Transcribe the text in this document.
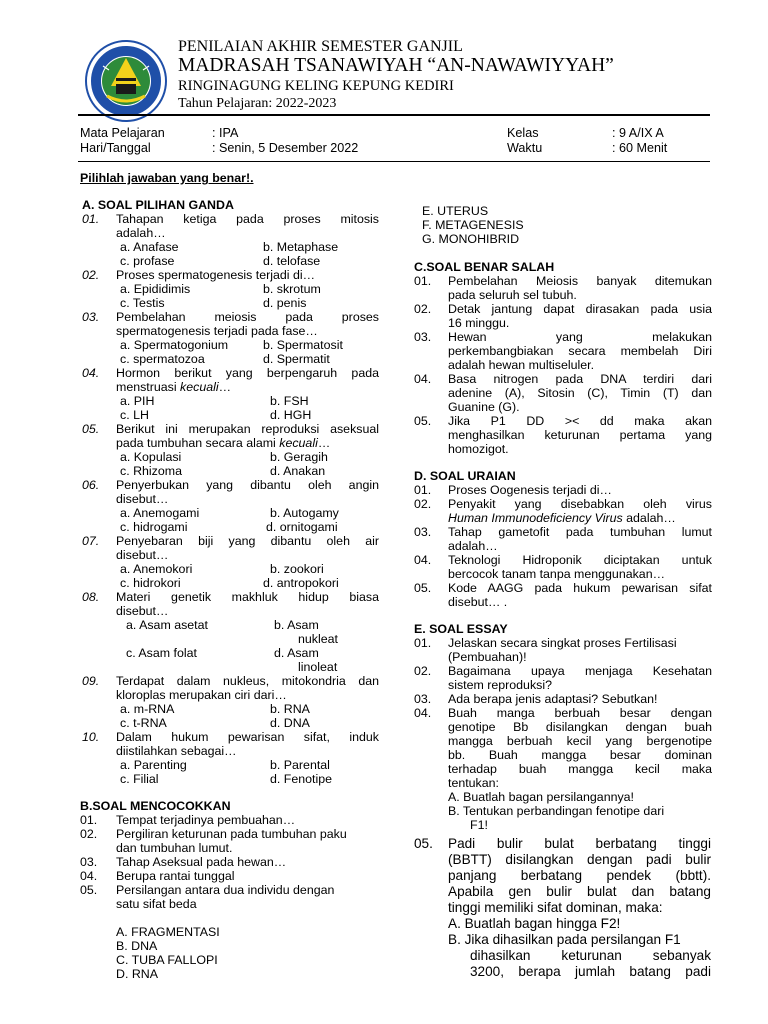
PENILAIAN AKHIR SEMESTER GANJIL
MADRASAH TSANAWIYAH “AN-NAWAWIYYAH”
RINGINAGUNG KELING KEPUNG KEDIRI
Tahun Pelajaran: 2022-2023
Mata Pelajaran	: IPA
Hari/Tanggal	: Senin, 5 Desember 2022
Kelas	: 9 A/IX A
Waktu	: 60 Menit
Pilihlah jawaban yang benar!.
A. SOAL PILIHAN GANDA
01. Tahapan ketiga pada proses mitosis
adalah…
a. Anafase	b. Metaphase
c. profase	d. telofase
02. Proses spermatogenesis terjadi di…
a. Epididimis	b. skrotum
c. Testis	d. penis
03. Pembelahan meiosis pada proses
spermatogenesis terjadi pada fase…
a. Spermatogonium	b. Spermatosit
c. spermatozoa	d. Spermatit
04. Hormon berikut yang berpengaruh pada
menstruasi kecuali…
a. PIH	b. FSH
c. LH	d. HGH
05. Berikut ini merupakan reproduksi aseksual
pada tumbuhan secara alami kecuali…
a. Kopulasi	b. Geragih
c. Rhizoma	d. Anakan
06. Penyerbukan yang dibantu oleh angin
disebut…
a. Anemogami	b. Autogamy
c. hidrogami	d. ornitogami
07. Penyebaran biji yang dibantu oleh air
disebut…
a. Anemokori	b. zookori
c. hidrokori	d. antropokori
08. Materi genetik makhluk hidup biasa
disebut…
a. Asam asetat	b. Asam
nukleat
c. Asam folat	d. Asam
linoleat
09. Terdapat dalam nukleus, mitokondria dan
kloroplas merupakan ciri dari…
a. m-RNA	b. RNA
c. t-RNA	d. DNA
10. Dalam hukum pewarisan sifat, induk
diistilahkan sebagai…
a. Parenting	b. Parental
c. Filial	d. Fenotipe
B.SOAL MENCOCOKKAN
01. Tempat terjadinya pembuahan…
02. Pergiliran keturunan pada tumbuhan paku
dan tumbuhan lumut.
03. Tahap Aseksual pada hewan…
04. Berupa rantai tunggal
05. Persilangan antara dua individu dengan
satu sifat beda
A. FRAGMENTASI
B. DNA
C. TUBA FALLOPI
D. RNA
E. UTERUS
F. METAGENESIS
G. MONOHIBRID
C.SOAL BENAR SALAH
01. Pembelahan Meiosis banyak ditemukan
pada seluruh sel tubuh.
02. Detak jantung dapat dirasakan pada usia
16 minggu.
03. Hewan yang melakukan
perkembangbiakan secara membelah Diri
adalah hewan multiseluler.
04. Basa nitrogen pada DNA terdiri dari
adenine (A), Sitosin (C), Timin (T) dan
Guanine (G).
05. Jika P1 DD >< dd maka akan
menghasilkan keturunan pertama yang
homozigot.
D. SOAL URAIAN
01. Proses Oogenesis terjadi di…
02. Penyakit yang disebabkan oleh virus
Human Immunodeficiency Virus adalah…
03. Tahap gametofit pada tumbuhan lumut
adalah…
04. Teknologi Hidroponik diciptakan untuk
bercocok tanam tanpa menggunakan…
05. Kode AAGG pada hukum pewarisan sifat
disebut… .
E. SOAL ESSAY
01. Jelaskan secara singkat proses Fertilisasi
(Pembuahan)!
02. Bagaimana upaya menjaga Kesehatan
sistem reproduksi?
03. Ada berapa jenis adaptasi? Sebutkan!
04. Buah manga berbuah besar dengan
genotipe Bb disilangkan dengan buah
mangga berbuah kecil yang bergenotipe
bb. Buah mangga besar dominan
terhadap buah mangga kecil maka
tentukan:
A. Buatlah bagan persilangannya!
B. Tentukan perbandingan fenotipe dari
F1!
05. Padi bulir bulat berbatang tinggi
(BBTT) disilangkan dengan padi bulir
panjang berbatang pendek (bbtt).
Apabila gen bulir bulat dan batang
tinggi memiliki sifat dominan, maka:
A. Buatlah bagan hingga F2!
B. Jika dihasilkan pada persilangan F1
dihasilkan keturunan sebanyak
3200, berapa jumlah batang padi
